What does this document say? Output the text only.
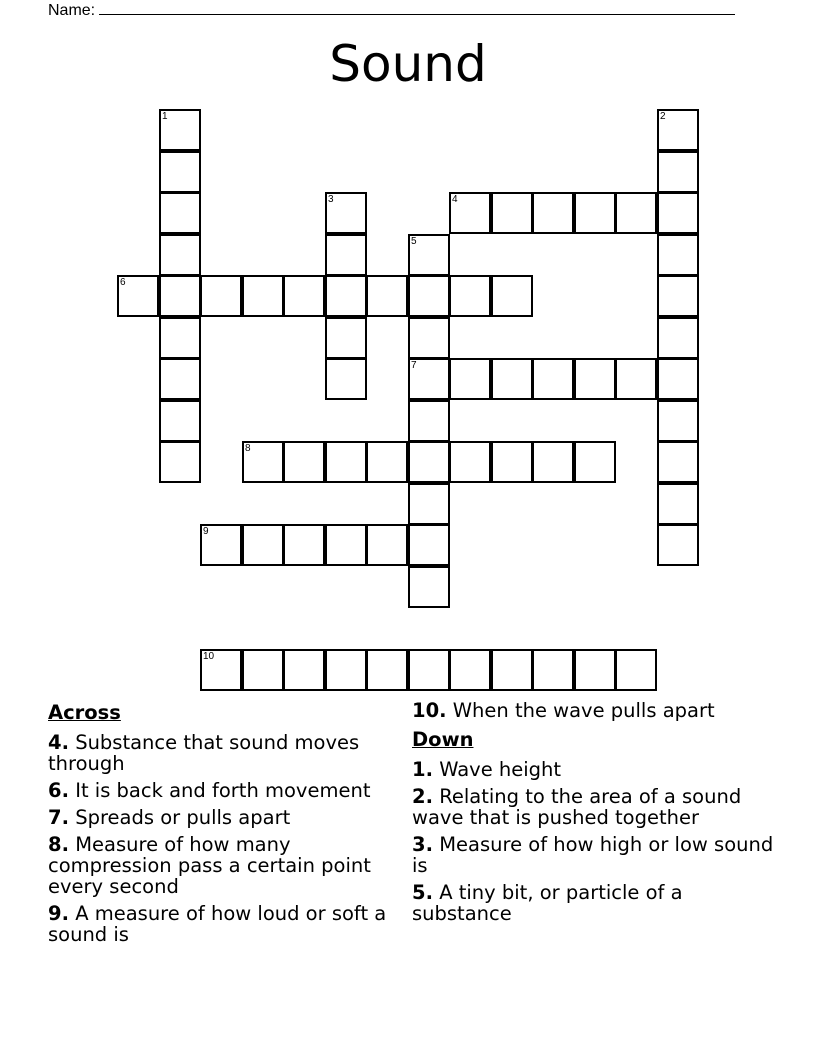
Name:
Sound
1	2
3	4
5
7
6
8
9
10
Across
4. Substance that sound moves through
6. It is back and forth movement
7. Spreads or pulls apart
8. Measure of how many compression pass a certain point every second
9. A measure of how loud or soft a sound is
10. When the wave pulls apart
Down
1. Wave height
2. Relating to the area of a sound wave that is pushed together
3. Measure of how high or low sound is
5. A tiny bit, or particle of a substance
